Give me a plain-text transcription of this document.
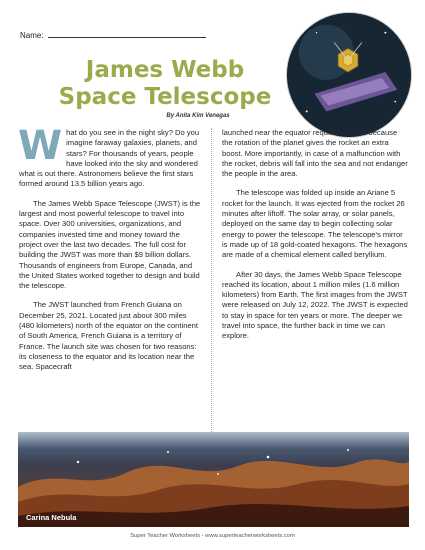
Name:
James Webb
Space Telescope
By Anita Kim Venegas

What do you see in the night sky? Do you imagine faraway galaxies, planets, and stars? For thousands of years, people have looked into the sky and wondered what is out there. Astronomers believe the first stars formed around 13.5 billion years ago.

The James Webb Space Telescope (JWST) is the largest and most powerful telescope to travel into space. Over 300 universities, organizations, and companies invested time and money toward the project over the last two decades. The full cost for building the JWST was more than $9 billion dollars. Thousands of engineers from Europe, Canada, and the United States worked together to design and build the telescope.

The JWST launched from French Guiana on December 25, 2021. Located just about 300 miles (480 kilometers) north of the equator on the continent of South America, French Guiana is a territory of France. The launch site was chosen for two reasons: its closeness to the equator and its location near the sea. Spacecraft

launched near the equator require less fuel because the rotation of the planet gives the rocket an extra boost. More importantly, in case of a malfunction with the rocket, debris will fall into the sea and not endanger the people in the area.

The telescope was folded up inside an Ariane 5 rocket for the launch. It was ejected from the rocket 26 minutes after liftoff. The solar array, or solar panels, deployed on the same day to begin collecting solar energy to power the telescope. The telescope's mirror is made up of 18 gold-coated hexagons. The hexagons are made of a chemical element called beryllium.

After 30 days, the James Webb Space Telescope reached its location, about 1 million miles (1.6 million kilometers) from Earth. The first images from the JWST were released on July 12, 2022. The JWST is expected to stay in space for ten years or more. The deeper we travel into space, the further back in time we can explore.

Carina Nebula
Super Teacher Worksheets - www.superteacherworksheets.com
